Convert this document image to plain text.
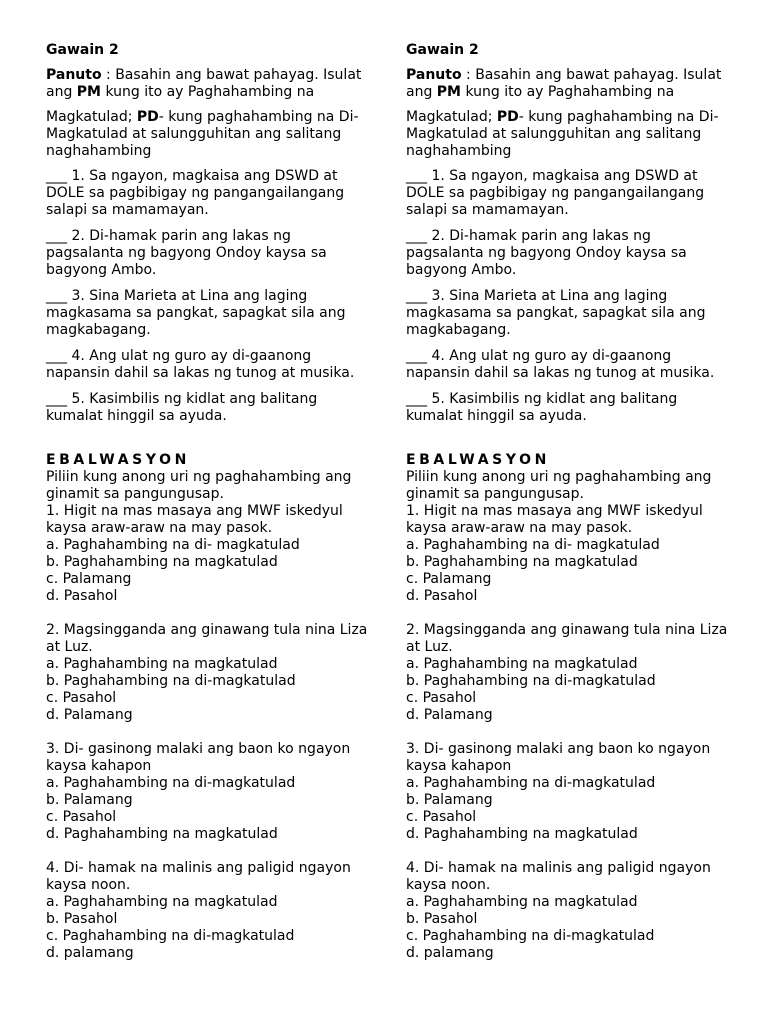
Gawain 2
Panuto : Basahin ang bawat pahayag. Isulat ang PM kung ito ay Paghahambing na
Magkatulad; PD- kung paghahambing na Di- Magkatulad at salungguhitan ang salitang naghahambing
___ 1. Sa ngayon, magkaisa ang DSWD at DOLE sa pagbibigay ng pangangailangang salapi sa mamamayan.
___ 2. Di-hamak parin ang lakas ng pagsalanta ng bagyong Ondoy kaysa sa bagyong Ambo.
___ 3. Sina Marieta at Lina ang laging magkasama sa pangkat, sapagkat sila ang magkabagang.
___ 4. Ang ulat ng guro ay di-gaanong napansin dahil sa lakas ng tunog at musika.
___ 5. Kasimbilis ng kidlat ang balitang kumalat hinggil sa ayuda.
EBALWASYON
Piliin kung anong uri ng paghahambing ang ginamit sa pangungusap.
1. Higit na mas masaya ang MWF iskedyul kaysa araw-araw na may pasok.
a. Paghahambing na di- magkatulad
b. Paghahambing na magkatulad
c. Palamang
d. Pasahol
2. Magsingganda ang ginawang tula nina Liza at Luz.
a. Paghahambing na magkatulad
b. Paghahambing na di-magkatulad
c. Pasahol
d. Palamang
3. Di- gasinong malaki ang baon ko ngayon kaysa kahapon
a. Paghahambing na di-magkatulad
b. Palamang
c. Pasahol
d. Paghahambing na magkatulad
4. Di- hamak na malinis ang paligid ngayon kaysa noon.
a. Paghahambing na magkatulad
b. Pasahol
c. Paghahambing na di-magkatulad
d. palamang
Gawain 2
Panuto : Basahin ang bawat pahayag. Isulat ang PM kung ito ay Paghahambing na
Magkatulad; PD- kung paghahambing na Di- Magkatulad at salungguhitan ang salitang naghahambing
___ 1. Sa ngayon, magkaisa ang DSWD at DOLE sa pagbibigay ng pangangailangang salapi sa mamamayan.
___ 2. Di-hamak parin ang lakas ng pagsalanta ng bagyong Ondoy kaysa sa bagyong Ambo.
___ 3. Sina Marieta at Lina ang laging magkasama sa pangkat, sapagkat sila ang magkabagang.
___ 4. Ang ulat ng guro ay di-gaanong napansin dahil sa lakas ng tunog at musika.
___ 5. Kasimbilis ng kidlat ang balitang kumalat hinggil sa ayuda.
EBALWASYON
Piliin kung anong uri ng paghahambing ang ginamit sa pangungusap.
1. Higit na mas masaya ang MWF iskedyul kaysa araw-araw na may pasok.
a. Paghahambing na di- magkatulad
b. Paghahambing na magkatulad
c. Palamang
d. Pasahol
2. Magsingganda ang ginawang tula nina Liza at Luz.
a. Paghahambing na magkatulad
b. Paghahambing na di-magkatulad
c. Pasahol
d. Palamang
3. Di- gasinong malaki ang baon ko ngayon kaysa kahapon
a. Paghahambing na di-magkatulad
b. Palamang
c. Pasahol
d. Paghahambing na magkatulad
4. Di- hamak na malinis ang paligid ngayon kaysa noon.
a. Paghahambing na magkatulad
b. Pasahol
c. Paghahambing na di-magkatulad
d. palamang
